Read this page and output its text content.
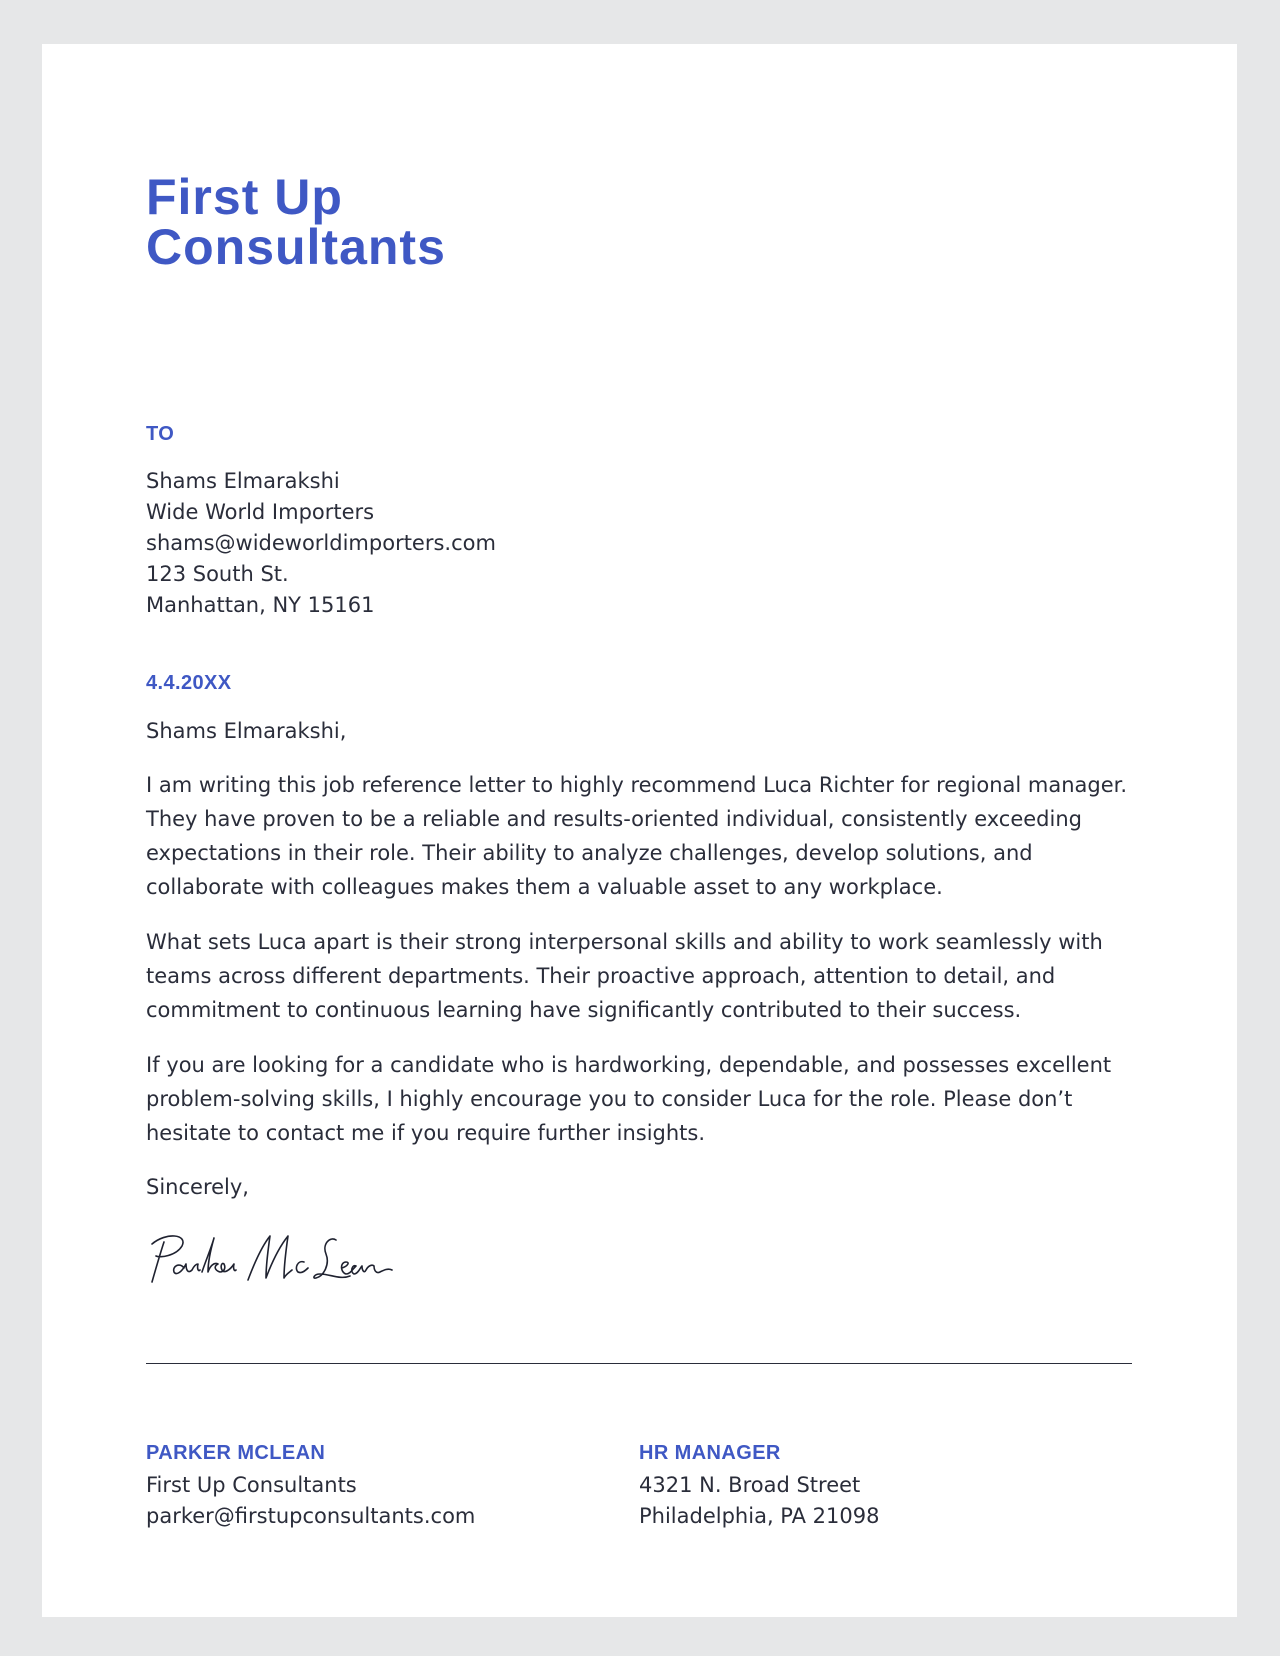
First Up
Consultants
TO
Shams Elmarakshi
Wide World Importers
shams@wideworldimporters.com
123 South St.
Manhattan, NY 15161
4.4.20XX
Shams Elmarakshi,

I am writing this job reference letter to highly recommend Luca Richter for regional manager. They have proven to be a reliable and results-oriented individual, consistently exceeding expectations in their role. Their ability to analyze challenges, develop solutions, and collaborate with colleagues makes them a valuable asset to any workplace.

What sets Luca apart is their strong interpersonal skills and ability to work seamlessly with teams across different departments. Their proactive approach, attention to detail, and commitment to continuous learning have significantly contributed to their success.

If you are looking for a candidate who is hardworking, dependable, and possesses excellent problem-solving skills, I highly encourage you to consider Luca for the role. Please don’t hesitate to contact me if you require further insights.

Sincerely,
PARKER MCLEAN
First Up Consultants
parker@firstupconsultants.com
HR MANAGER
4321 N. Broad Street
Philadelphia, PA 21098
